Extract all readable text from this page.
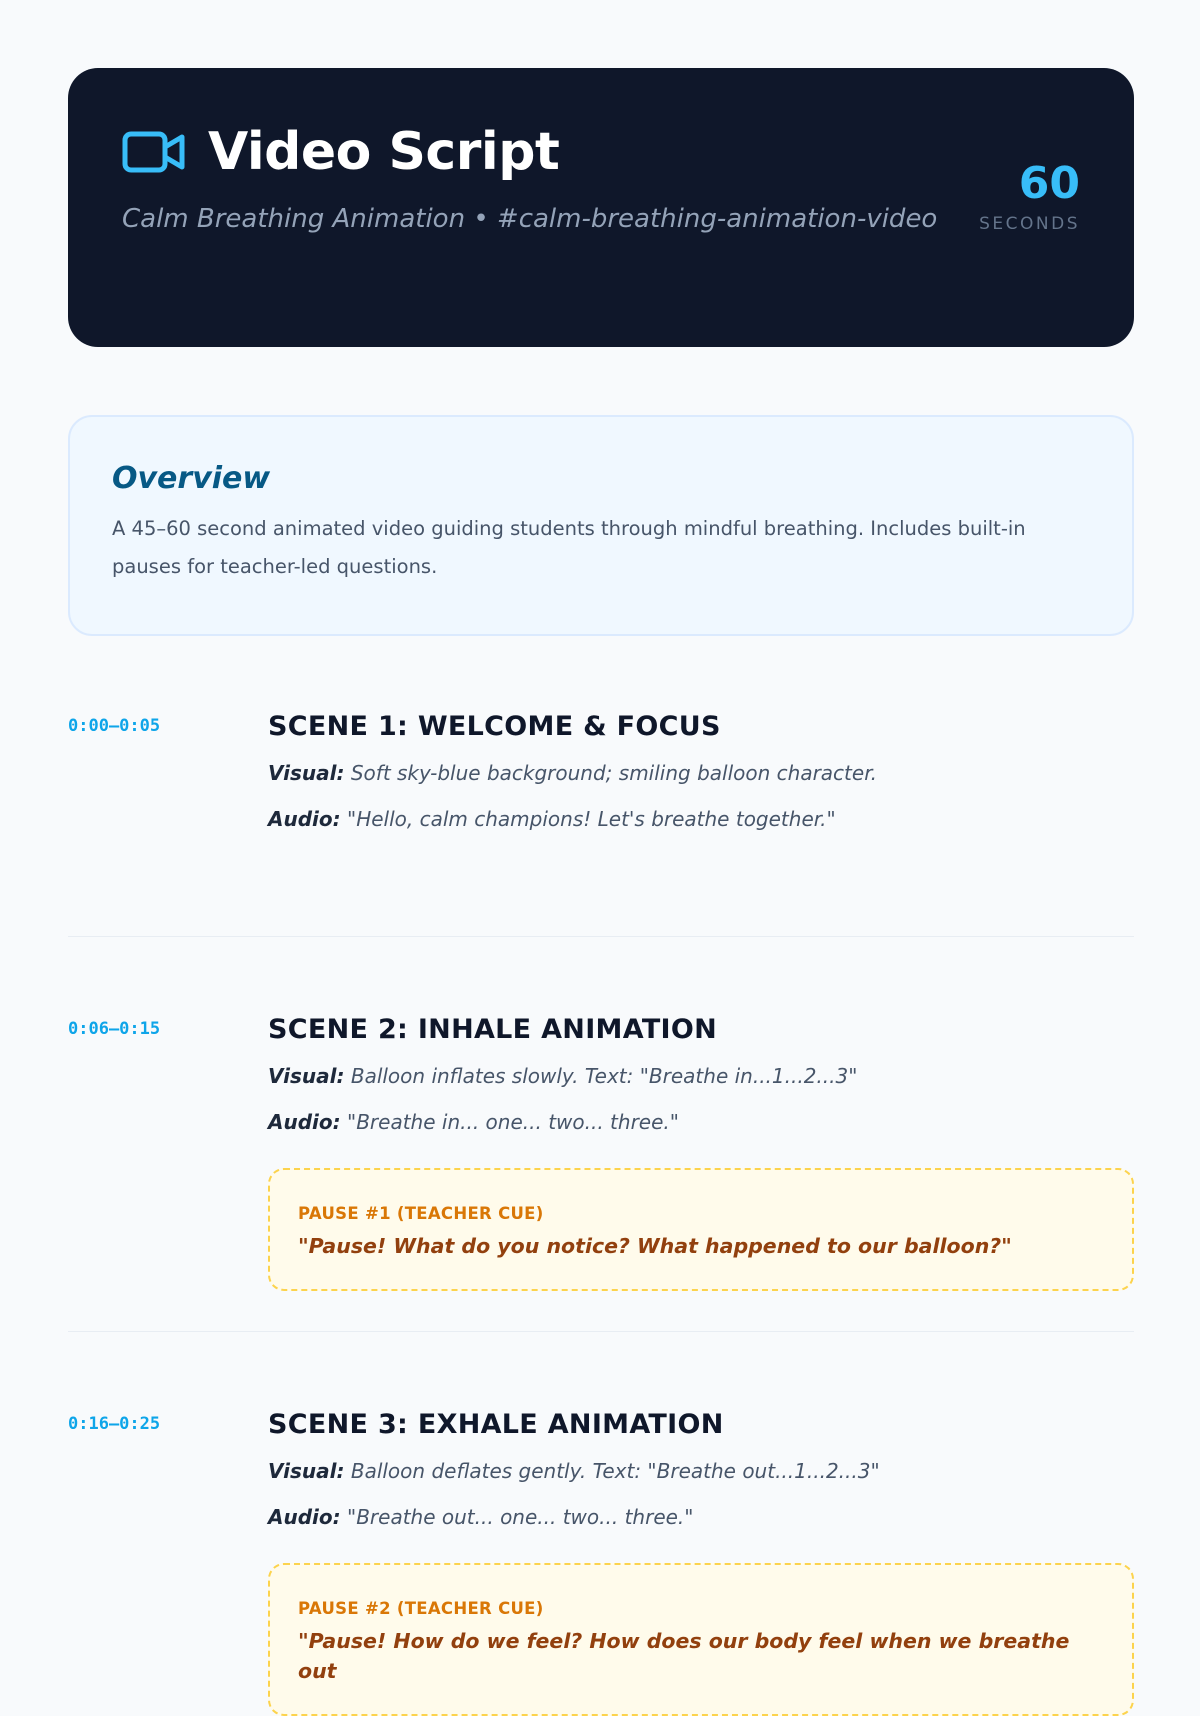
Video Script
Calm Breathing Animation • #calm-breathing-animation-video
60
SECONDS
Overview
A 45–60 second animated video guiding students through mindful breathing. Includes built-in pauses for teacher-led questions.
0:00–0:05	SCENE 1: WELCOME & FOCUS
Visual: Soft sky-blue background; smiling balloon character.
Audio: "Hello, calm champions! Let's breathe together."
0:06–0:15	SCENE 2: INHALE ANIMATION
Visual: Balloon inflates slowly. Text: "Breathe in...1...2...3"
Audio: "Breathe in... one... two... three."
PAUSE #1 (TEACHER CUE)
"Pause! What do you notice? What happened to our balloon?"
0:16–0:25	SCENE 3: EXHALE ANIMATION
Visual: Balloon deflates gently. Text: "Breathe out...1...2...3"
Audio: "Breathe out... one... two... three."
PAUSE #2 (TEACHER CUE)
"Pause! How do we feel? How does our body feel when we breathe out
